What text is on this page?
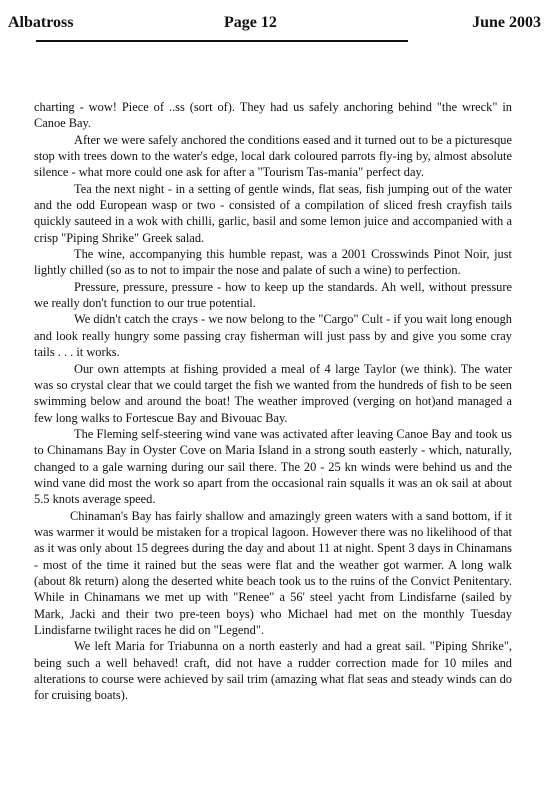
Albatross	Page 12	June 2003

charting - wow! Piece of ..ss (sort of). They had us safely anchoring behind "the wreck" in Canoe Bay.

After we were safely anchored the conditions eased and it turned out to be a picturesque stop with trees down to the water's edge, local dark coloured parrots fly-ing by, almost absolute silence - what more could one ask for after a "Tourism Tas-mania" perfect day.

Tea the next night - in a setting of gentle winds, flat seas, fish jumping out of the water and the odd European wasp or two - consisted of a compilation of sliced fresh crayfish tails quickly sauteed in a wok with chilli, garlic, basil and some lemon juice and accompanied with a crisp "Piping Shrike" Greek salad.

The wine, accompanying this humble repast, was a 2001 Crosswinds Pinot Noir, just lightly chilled (so as to not to impair the nose and palate of such a wine) to perfection.

Pressure, pressure, pressure - how to keep up the standards. Ah well, without pressure we really don't function to our true potential.

We didn't catch the crays - we now belong to the "Cargo" Cult - if you wait long enough and look really hungry some passing cray fisherman will just pass by and give you some cray tails . . . it works.

Our own attempts at fishing provided a meal of 4 large Taylor (we think). The water was so crystal clear that we could target the fish we wanted from the hundreds of fish to be seen swimming below and around the boat! The weather improved (verging on hot)and managed a few long walks to Fortescue Bay and Bivouac Bay.

The Fleming self-steering wind vane was activated after leaving Canoe Bay and took us to Chinamans Bay in Oyster Cove on Maria Island in a strong south easterly - which, naturally, changed to a gale warning during our sail there. The 20 - 25 kn winds were behind us and the wind vane did most the work so apart from the occasional rain squalls it was an ok sail at about 5.5 knots average speed.

Chinaman's Bay has fairly shallow and amazingly green waters with a sand bottom, if it was warmer it would be mistaken for a tropical lagoon. However there was no likelihood of that as it was only about 15 degrees during the day and about 11 at night. Spent 3 days in Chinamans - most of the time it rained but the seas were flat and the weather got warmer. A long walk (about 8k return) along the deserted white beach took us to the ruins of the Convict Penitentary. While in Chinamans we met up with "Renee" a 56' steel yacht from Lindisfarne (sailed by Mark, Jacki and their two pre-teen boys) who Michael had met on the monthly Tuesday Lindisfarne twilight races he did on "Legend".

We left Maria for Triabunna on a north easterly and had a great sail. "Piping Shrike", being such a well behaved! craft, did not have a rudder correction made for 10 miles and alterations to course were achieved by sail trim (amazing what flat seas and steady winds can do for cruising boats).
